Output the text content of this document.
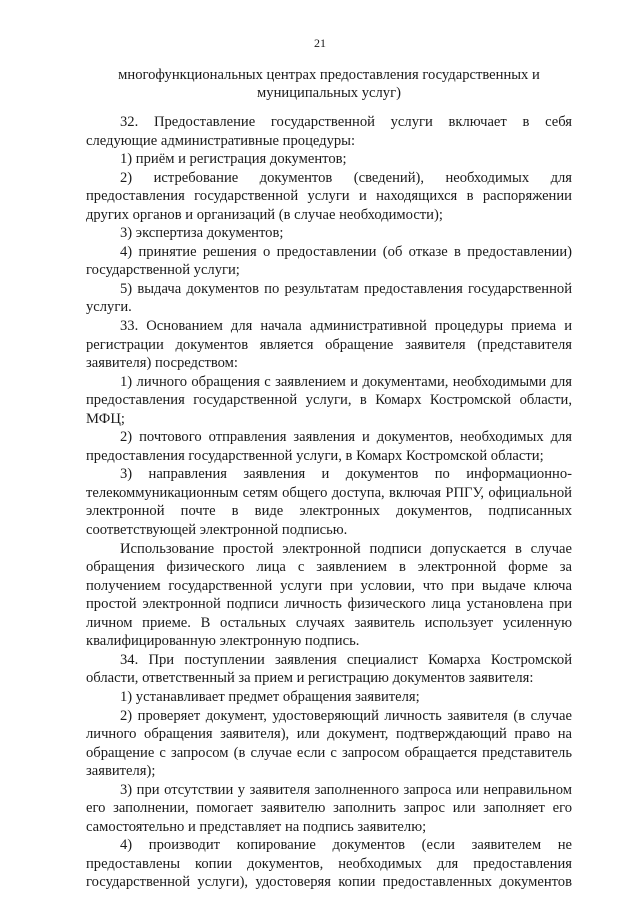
21
многофункциональных центрах предоставления государственных и муниципальных услуг)

32. Предоставление государственной услуги включает в себя следующие административные процедуры:

1) приём и регистрация документов;

2) истребование документов (сведений), необходимых для предоставления государственной услуги и находящихся в распоряжении других органов и организаций (в случае необходимости);

3) экспертиза документов;

4) принятие решения о предоставлении (об отказе в предоставлении) государственной услуги;

5) выдача документов по результатам предоставления государственной услуги.

33. Основанием для начала административной процедуры приема и регистрации документов является обращение заявителя (представителя заявителя) посредством:

1) личного обращения с заявлением и документами, необходимыми для предоставления государственной услуги, в Комарх Костромской области, МФЦ;

2) почтового отправления заявления и документов, необходимых для предоставления государственной услуги, в Комарх Костромской области;

3) направления заявления и документов по информационно-телекоммуникационным сетям общего доступа, включая РПГУ, официальной электронной почте в виде электронных документов, подписанных соответствующей электронной подписью.

Использование простой электронной подписи допускается в случае обращения физического лица с заявлением в электронной форме за получением государственной услуги при условии, что при выдаче ключа простой электронной подписи личность физического лица установлена при личном приеме. В остальных случаях заявитель использует усиленную квалифицированную электронную подпись.

34. При поступлении заявления специалист Комарха Костромской области, ответственный за прием и регистрацию документов заявителя:

1) устанавливает предмет обращения заявителя;

2) проверяет документ, удостоверяющий личность заявителя (в случае личного обращения заявителя), или документ, подтверждающий право на обращение с запросом (в случае если с запросом обращается представитель заявителя);

3) при отсутствии у заявителя заполненного запроса или неправильном его заполнении, помогает заявителю заполнить запрос или заполняет его самостоятельно и представляет на подпись заявителю;

4) производит копирование документов (если заявителем не предоставлены копии документов, необходимых для предоставления государственной услуги), удостоверяя копии предоставленных документов
